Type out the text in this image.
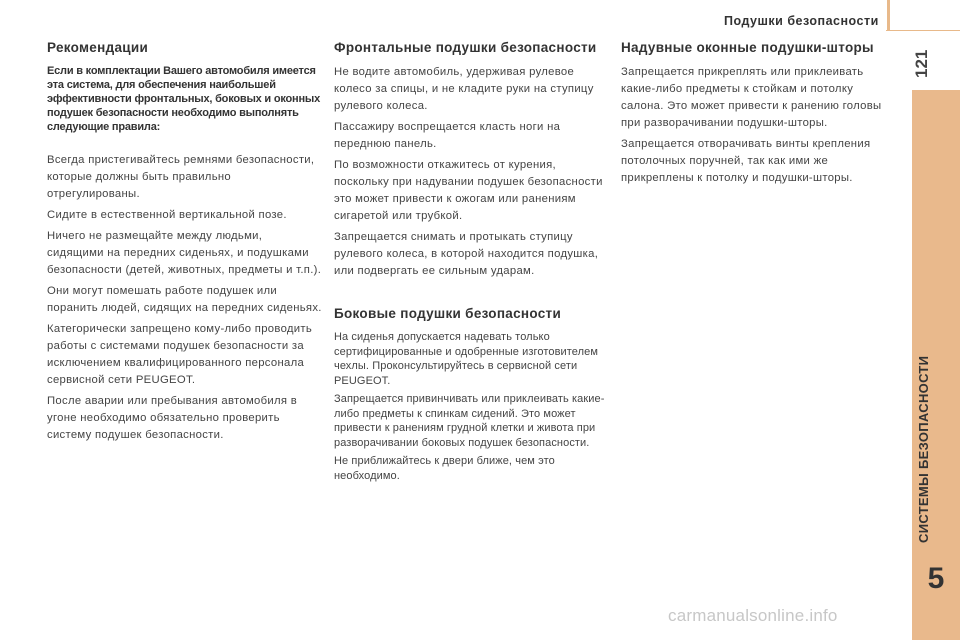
Подушки безопасности
121
СИСТЕМЫ БЕЗОПАСНОСТИ
5
Рекомендации
Если в комплектации Вашего автомобиля имеется эта система, для обеспечения наибольшей эффективности фронтальных, боковых и оконных подушек безопасности необходимо выполнять следующие правила:

Всегда пристегивайтесь ремнями безопасности, которые должны быть правильно отрегулированы.

Сидите в естественной вертикальной позе.

Ничего не размещайте между людьми, сидящими на передних сиденьях, и подушками безопасности (детей, животных, предметы и т.п.).

Они могут помешать работе подушек или поранить людей, сидящих на передних сиденьях.

Категорически запрещено кому-либо проводить работы с системами подушек безопасности за исключением квалифицированного персонала сервисной сети PEUGEOT.

После аварии или пребывания автомобиля в угоне необходимо обязательно проверить систему подушек безопасности.

Фронтальные подушки безопасности

Не водите автомобиль, удерживая рулевое колесо за спицы, и не кладите руки на ступицу рулевого колеса.

Пассажиру воспрещается класть ноги на переднюю панель.

По возможности откажитесь от курения, поскольку при надувании подушек безопасности это может привести к ожогам или ранениям сигаретой или трубкой.

Запрещается снимать и протыкать ступицу рулевого колеса, в которой находится подушка, или подвергать ее сильным ударам.

Боковые подушки безопасности

На сиденья допускается надевать только сертифицированные и одобренные изготовителем чехлы. Проконсультируйтесь в сервисной сети PEUGEOT.

Запрещается привинчивать или приклеивать какие-либо предметы к спинкам сидений. Это может привести к ранениям грудной клетки и живота при разворачивании боковых подушек безопасности.

Не приближайтесь к двери ближе, чем это необходимо.

Надувные оконные подушки-шторы

Запрещается прикреплять или приклеивать какие-либо предметы к стойкам и потолку салона. Это может привести к ранению головы при разворачивании подушки-шторы.

Запрещается отворачивать винты крепления потолочных поручней, так как ими же прикреплены к потолку и подушки-шторы.

carmanualsonline.info
